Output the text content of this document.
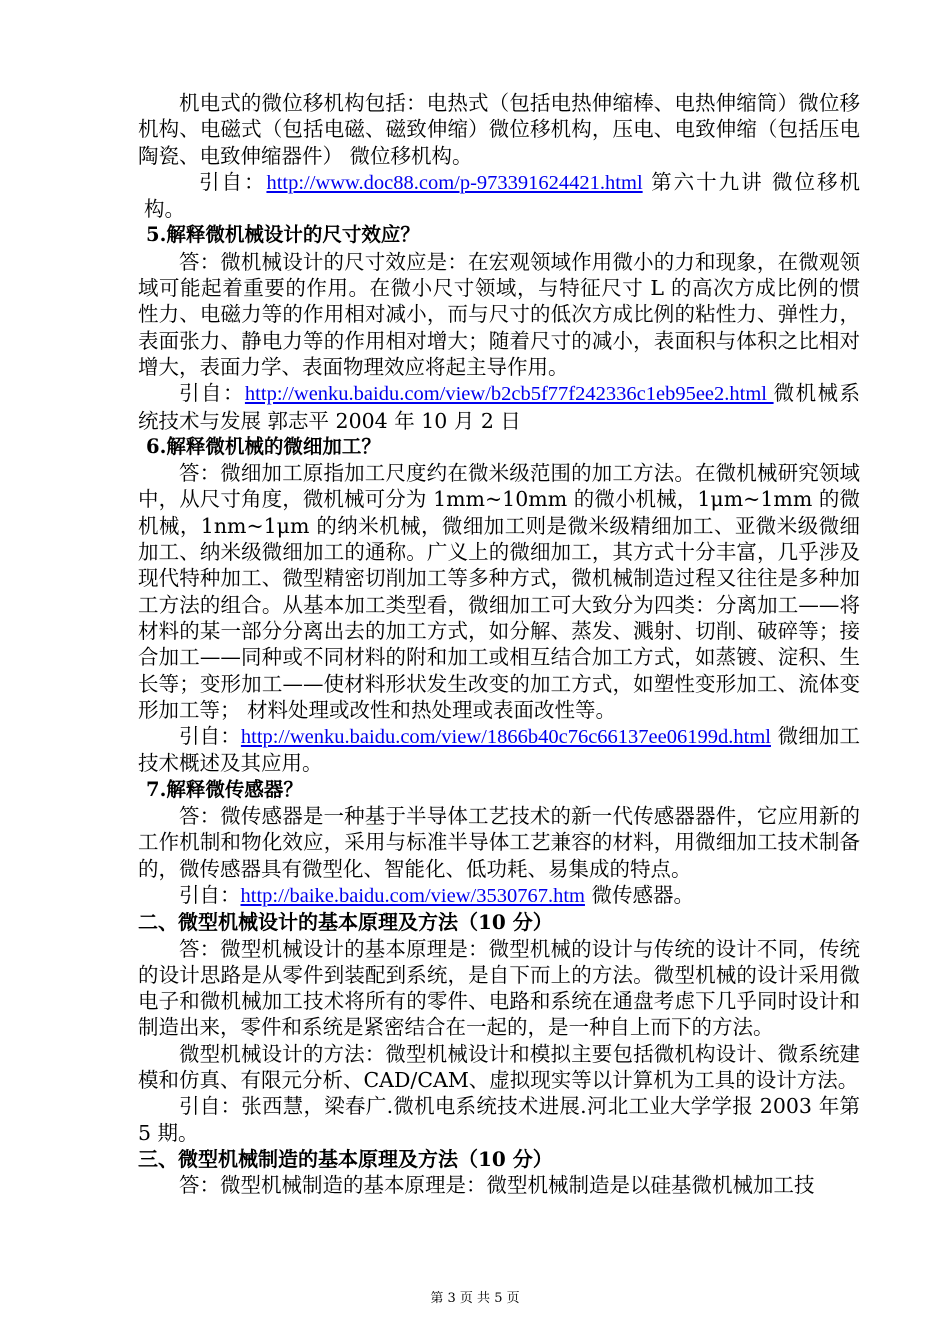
机电式的微位移机构包括：电热式（包括电热伸缩棒、电热伸缩筒）微位移机构、电磁式（包括电磁、磁致伸缩）微位移机构，压电、电致伸缩（包括压电陶瓷、电致伸缩器件） 微位移机构。

引自：http://www.doc88.com/p-973391624421.html 第六十九讲 微位移机构。

5.解释微机械设计的尺寸效应？

答：微机械设计的尺寸效应是：在宏观领域作用微小的力和现象，在微观领域可能起着重要的作用。在微小尺寸领域，与特征尺寸 L 的高次方成比例的惯性力、电磁力等的作用相对减小，而与尺寸的低次方成比例的粘性力、弹性力，表面张力、静电力等的作用相对增大；随着尺寸的减小，表面积与体积之比相对增大，表面力学、表面物理效应将起主导作用。

引自：http://wenku.baidu.com/view/b2cb5f77f242336c1eb95ee2.html 微机械系统技术与发展 郭志平 2004 年 10 月 2 日

6.解释微机械的微细加工？

答：微细加工原指加工尺度约在微米级范围的加工方法。在微机械研究领域中，从尺寸角度，微机械可分为 1mm~10mm 的微小机械，1μm~1mm 的微机械，1nm~1μm 的纳米机械，微细加工则是微米级精细加工、亚微米级微细加工、纳米级微细加工的通称。广义上的微细加工，其方式十分丰富，几乎涉及现代特种加工、微型精密切削加工等多种方式，微机械制造过程又往往是多种加工方法的组合。从基本加工类型看，微细加工可大致分为四类：分离加工——将材料的某一部分分离出去的加工方式，如分解、蒸发、溅射、切削、破碎等；接合加工——同种或不同材料的附和加工或相互结合加工方式，如蒸镀、淀积、生长等；变形加工——使材料形状发生改变的加工方式，如塑性变形加工、流体变形加工等； 材料处理或改性和热处理或表面改性等。

引自：http://wenku.baidu.com/view/1866b40c76c66137ee06199d.html 微细加工技术概述及其应用。

7.解释微传感器？

答：微传感器是一种基于半导体工艺技术的新一代传感器器件，它应用新的工作机制和物化效应，采用与标准半导体工艺兼容的材料，用微细加工技术制备的，微传感器具有微型化、智能化、低功耗、易集成的特点。

引自：http://baike.baidu.com/view/3530767.htm 微传感器。

二、微型机械设计的基本原理及方法（10 分）

答：微型机械设计的基本原理是：微型机械的设计与传统的设计不同，传统的设计思路是从零件到装配到系统，是自下而上的方法。微型机械的设计采用微电子和微机械加工技术将所有的零件、电路和系统在通盘考虑下几乎同时设计和制造出来，零件和系统是紧密结合在一起的，是一种自上而下的方法。

微型机械设计的方法：微型机械设计和模拟主要包括微机构设计、微系统建模和仿真、有限元分析、CAD/CAM、虚拟现实等以计算机为工具的设计方法。

引自：张西慧，梁春广.微机电系统技术进展.河北工业大学学报 2003 年第 5 期。

三、微型机械制造的基本原理及方法（10 分）

答：微型机械制造的基本原理是：微型机械制造是以硅基微机械加工技

第 3 页 共 5 页
